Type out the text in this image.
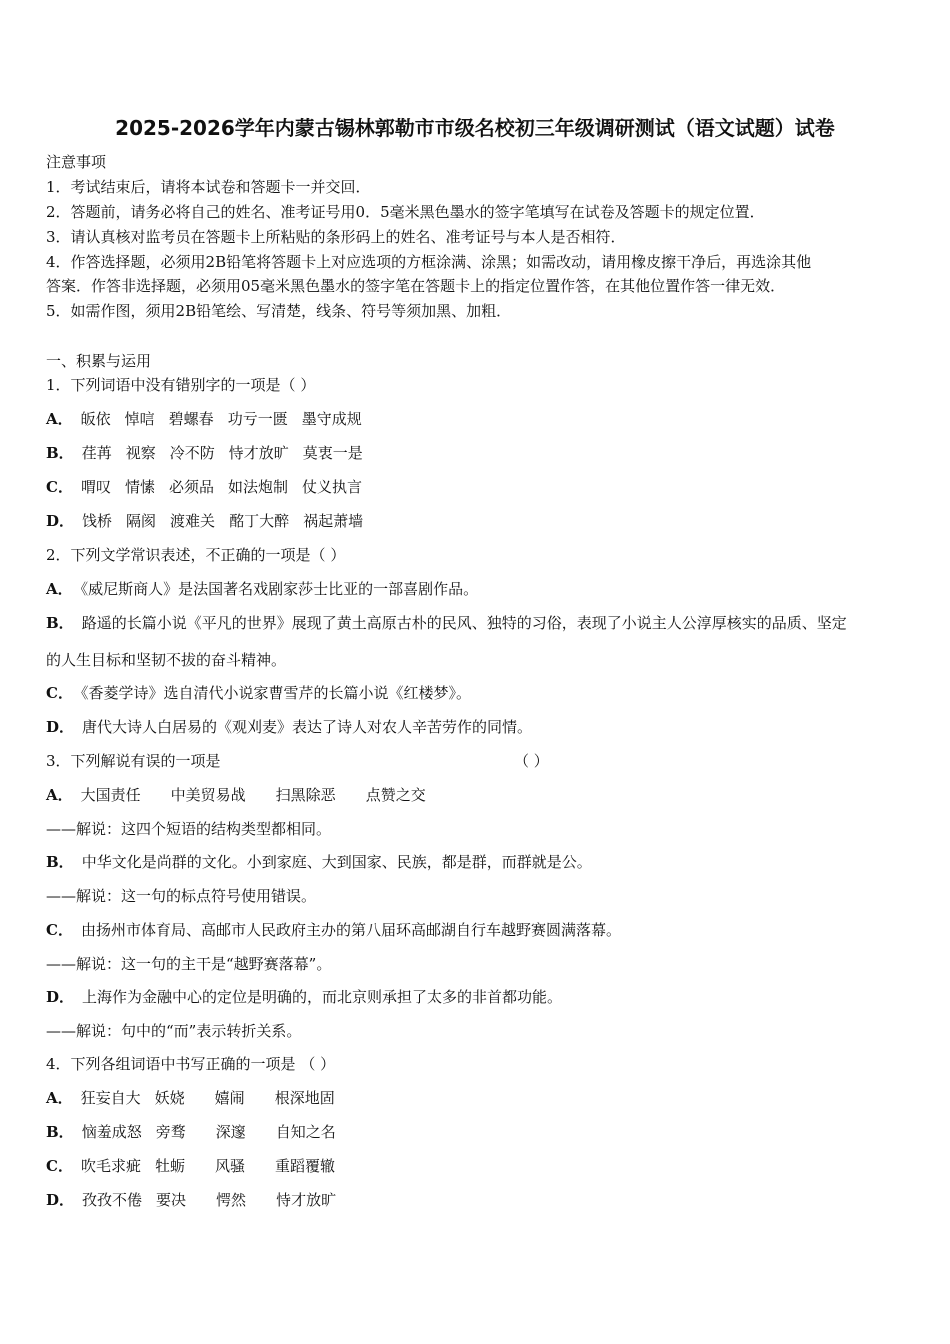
2025-2026学年内蒙古锡林郭勒市市级名校初三年级调研测试（语文试题）试卷
注意事项
1．考试结束后，请将本试卷和答题卡一并交回．
2．答题前，请务必将自己的姓名、准考证号用0．5毫米黑色墨水的签字笔填写在试卷及答题卡的规定位置．
3．请认真核对监考员在答题卡上所粘贴的条形码上的姓名、准考证号与本人是否相符．
4．作答选择题，必须用2B铅笔将答题卡上对应选项的方框涂满、涂黑；如需改动，请用橡皮擦干净后，再选涂其他
答案．作答非选择题，必须用05毫米黑色墨水的签字笔在答题卡上的指定位置作答，在其他位置作答一律无效．
5．如需作图，须用2B铅笔绘、写清楚，线条、符号等须加黑、加粗．
一、积累与运用
1．下列词语中没有错别字的一项是（ ）
A． 皈依 悼唁 碧螺春 功亏一匮 墨守成规
B． 荏苒 视察 冷不防 恃才放旷 莫衷一是
C． 喟叹 情愫 必须品 如法炮制 仗义执言
D． 饯桥 隔阂 渡难关 酩丁大醉 祸起萧墙
2．下列文学常识表述，不正确的一项是（ ）
A． 《威尼斯商人》是法国著名戏剧家莎士比亚的一部喜剧作品。
B． 路遥的长篇小说《平凡的世界》展现了黄土高原古朴的民风、独特的习俗，表现了小说主人公淳厚核实的品质、坚定
的人生目标和坚韧不拔的奋斗精神。
C． 《香菱学诗》选自清代小说家曹雪芹的长篇小说《红楼梦》。
D． 唐代大诗人白居易的《观刈麦》表达了诗人对农人辛苦劳作的同情。
3．下列解说有误的一项是	（ ）
A． 大国责任 中美贸易战 扫黑除恶 点赞之交
——解说：这四个短语的结构类型都相同。
B． 中华文化是尚群的文化。小到家庭、大到国家、民族，都是群，而群就是公。
——解说：这一句的标点符号使用错误。
C． 由扬州市体育局、高邮市人民政府主办的第八届环高邮湖自行车越野赛圆满落幕。
——解说：这一句的主干是“越野赛落幕”。
D． 上海作为金融中心的定位是明确的，而北京则承担了太多的非首都功能。
——解说：句中的“而”表示转折关系。
4．下列各组词语中书写正确的一项是 （ ）
A． 狂妄自大 妖娆 嬉闹 根深地固
B． 恼羞成怒 旁骛 深邃 自知之名
C． 吹毛求疵 牡蛎 风骚 重蹈覆辙
D． 孜孜不倦 要决 愕然 恃才放旷
